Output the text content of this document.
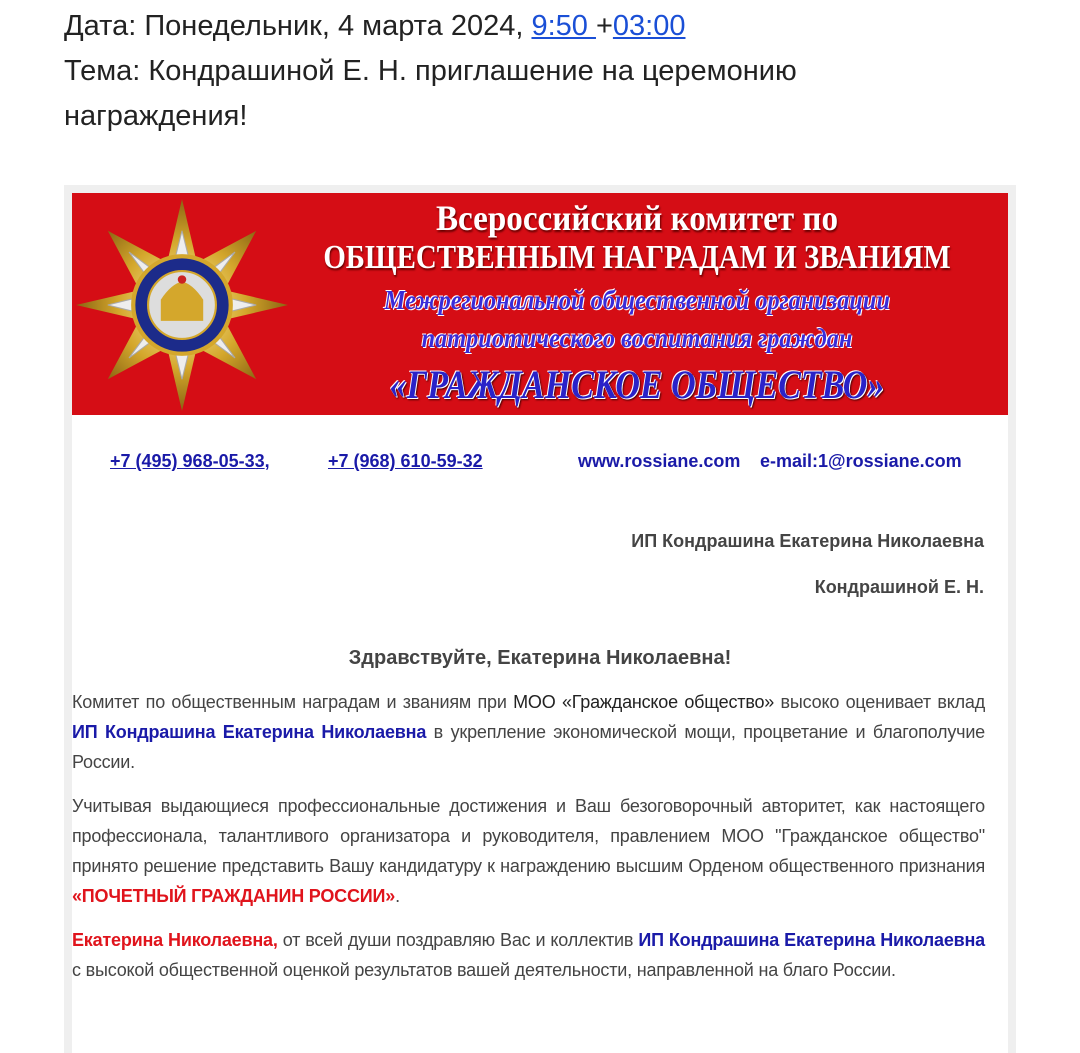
Дата: Понедельник, 4 марта 2024, 9:50 +03:00
Тема: Кондрашиной Е. Н. приглашение на церемонию награждения!
Всероссийский комитет по
ОБЩЕСТВЕННЫМ НАГРАДАМ И ЗВАНИЯМ
Межрегиональной общественной организации
патриотического воспитания граждан
«ГРАЖДАНСКОЕ ОБЩЕСТВО»
+7 (495) 968-05-33,	+7 (968) 610-59-32	www.rossiane.com e-mail:1@rossiane.com
ИП Кондрашина Екатерина Николаевна
Кондрашиной Е. Н.
Здравствуйте, Екатерина Николаевна!
Комитет по общественным наградам и званиям при МОО «Гражданское общество» высоко оценивает вклад ИП Кондрашина Екатерина Николаевна в укрепление экономической мощи, процветание и благополучие России.
Учитывая выдающиеся профессиональные достижения и Ваш безоговорочный авторитет, как настоящего профессионала, талантливого организатора и руководителя, правлением МОО "Гражданское общество" принято решение представить Вашу кандидатуру к награждению высшим Орденом общественного признания «ПОЧЕТНЫЙ ГРАЖДАНИН РОССИИ».
Екатерина Николаевна, от всей души поздравляю Вас и коллектив ИП Кондрашина Екатерина Николаевна с высокой общественной оценкой результатов вашей деятельности, направленной на благо России.
